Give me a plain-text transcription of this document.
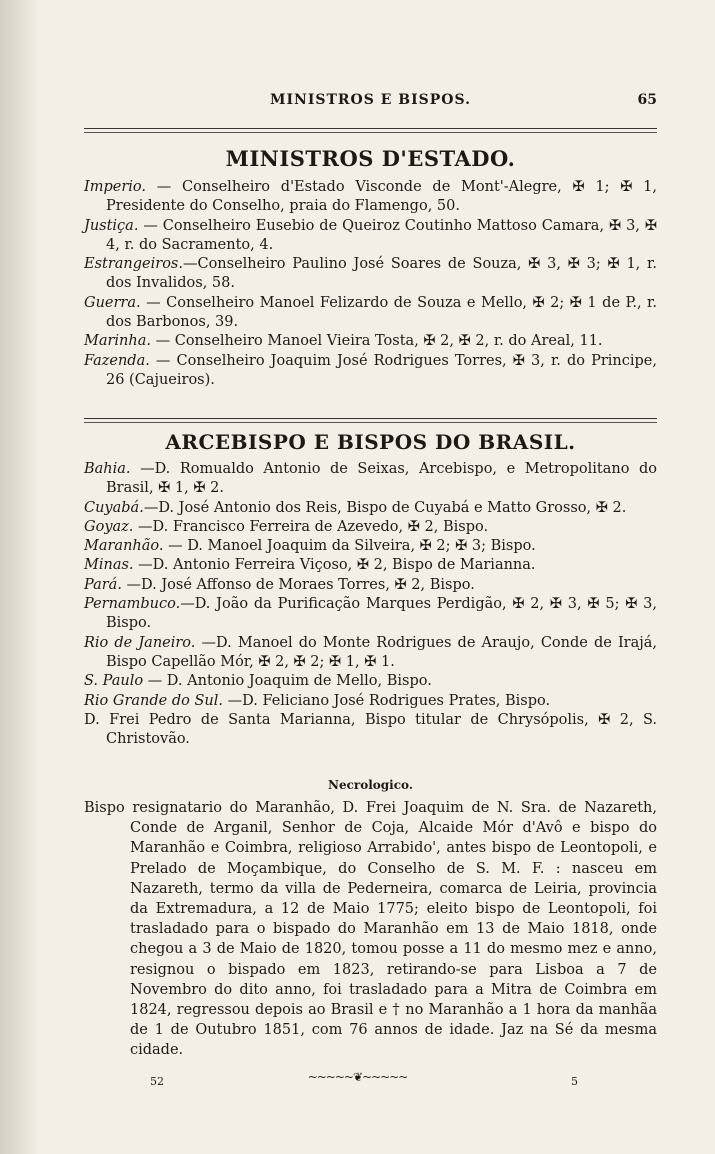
MINISTROS E BISPOS.	65
MINISTROS D'ESTADO.

Imperio. — Conselheiro d'Estado Visconde de Mont'-Alegre, ✠ 1; ✠ 1, Presidente do Conselho, praia do Flamengo, 50.

Justiça. — Conselheiro Eusebio de Queiroz Coutinho Mattoso Camara, ✠ 3, ✠ 4, r. do Sacramento, 4.

Estrangeiros.—Conselheiro Paulino José Soares de Souza, ✠ 3, ✠ 3; ✠ 1, r. dos Invalidos, 58.

Guerra. — Conselheiro Manoel Felizardo de Souza e Mello, ✠ 2; ✠ 1 de P., r. dos Barbonos, 39.

Marinha. — Conselheiro Manoel Vieira Tosta, ✠ 2, ✠ 2, r. do Areal, 11.

Fazenda. — Conselheiro Joaquim José Rodrigues Torres, ✠ 3, r. do Principe, 26 (Cajueiros).

ARCEBISPO E BISPOS DO BRASIL.

Bahia. —D. Romualdo Antonio de Seixas, Arcebispo, e Metropolitano do Brasil, ✠ 1, ✠ 2.

Cuyabá.—D. José Antonio dos Reis, Bispo de Cuyabá e Matto Grosso, ✠ 2.

Goyaz. —D. Francisco Ferreira de Azevedo, ✠ 2, Bispo.

Maranhão. — D. Manoel Joaquim da Silveira, ✠ 2; ✠ 3; Bispo.

Minas. —D. Antonio Ferreira Viçoso, ✠ 2, Bispo de Marianna.

Pará. —D. José Affonso de Moraes Torres, ✠ 2, Bispo.

Pernambuco.—D. João da Purificação Marques Perdigão, ✠ 2, ✠ 3, ✠ 5; ✠ 3, Bispo.

Rio de Janeiro. —D. Manoel do Monte Rodrigues de Araujo, Conde de Irajá, Bispo Capellão Mór, ✠ 2, ✠ 2; ✠ 1, ✠ 1.

S. Paulo — D. Antonio Joaquim de Mello, Bispo.

Rio Grande do Sul. —D. Feliciano José Rodrigues Prates, Bispo.

D. Frei Pedro de Santa Marianna, Bispo titular de Chrysópolis, ✠ 2, S. Christovão.

Necrologico.
Bispo resignatario do Maranhão, D. Frei Joaquim de N. Sra. de Nazareth, Conde de Arganil, Senhor de Coja, Alcaide Mór d'Avô e bispo do Maranhão e Coimbra, religioso Arrabido', antes bispo de Leontopoli, e Prelado de Moçambique, do Conselho de S. M. F. : nasceu em Nazareth, termo da villa de Pederneira, comarca de Leiria, provincia da Extremadura, a 12 de Maio 1775; eleito bispo de Leontopoli, foi trasladado para o bispado do Maranhão em 13 de Maio 1818, onde chegou a 3 de Maio de 1820, tomou posse a 11 do mesmo mez e anno, resignou o bispado em 1823, retirando-se para Lisboa a 7 de Novembro do dito anno, foi trasladado para a Mitra de Coimbra em 1824, regressou depois ao Brasil e † no Maranhão a 1 hora da manhãa de 1 de Outubro 1851, com 76 annos de idade. Jaz na Sé da mesma cidade.
~~~~~❦~~~~~
52	5
